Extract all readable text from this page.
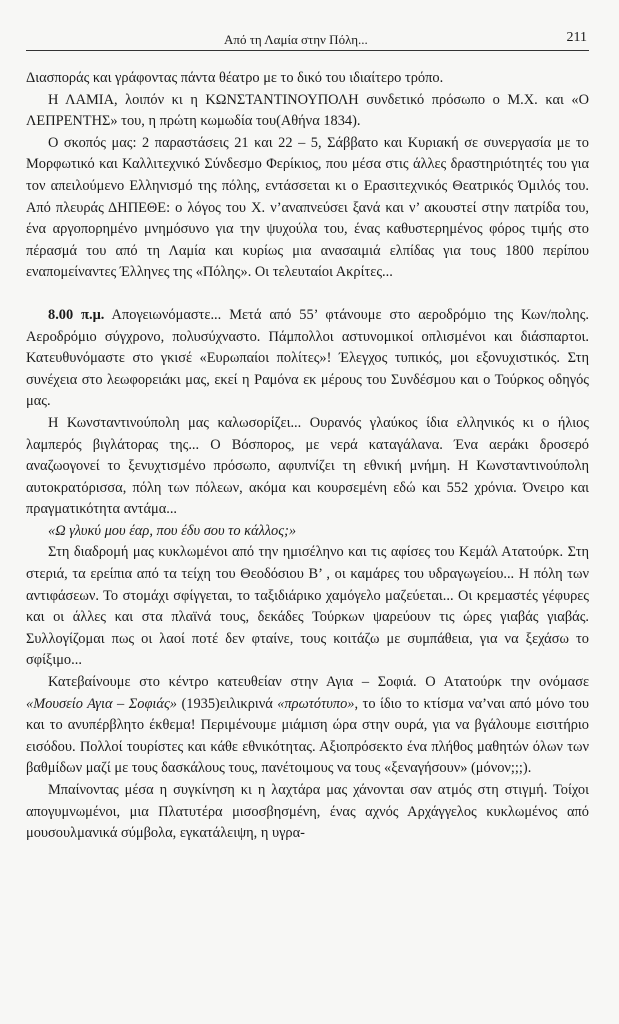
Από τη Λαμία στην Πόλη...	211

Διασποράς και γράφοντας πάντα θέατρο με το δικό του ιδιαίτερο τρόπο.

Η ΛΑΜΙΑ, λοιπόν κι η ΚΩΝΣΤΑΝΤΙΝΟΥΠΟΛΗ συνδετικό πρόσωπο ο Μ.Χ. και «Ο ΛΕΠΡΕΝΤΗΣ» του, η πρώτη κωμωδία του(Αθήνα 1834).

Ο σκοπός μας: 2 παραστάσεις 21 και 22 – 5, Σάββατο και Κυριακή σε συνεργασία με το Μορφωτικό και Καλλιτεχνικό Σύνδεσμο Φερίκιος, που μέσα στις άλλες δραστηριότητές του για τον απειλούμενο Ελληνισμό της πόλης, εντάσσεται κι ο Ερασιτεχνικός Θεατρικός Όμιλός του. Από πλευράς ΔΗΠΕΘΕ: ο λόγος του Χ. ν’αναπνεύσει ξανά και ν’ ακουστεί στην πατρίδα του, ένα αργοπορημένο μνημόσυνο για την ψυχούλα του, ένας καθυστερημένος φόρος τιμής στο πέρασμά του από τη Λαμία και κυρίως μια ανασαιμιά ελπίδας για τους 1800 περίπου εναπομείναντες Έλληνες της «Πόλης». Οι τελευταίοι Ακρίτες...

8.00 π.μ. Απογειωνόμαστε... Μετά από 55’ φτάνουμε στο αεροδρόμιο της Κων/πολης. Αεροδρόμιο σύγχρονο, πολυσύχναστο. Πάμπολλοι αστυνομικοί οπλισμένοι και διάσπαρτοι. Κατευθυνόμαστε στο γκισέ «Ευρωπαίοι πολίτες»! Έλεγχος τυπικός, μοι εξονυχιστικός. Στη συνέχεια στο λεωφορειάκι μας, εκεί η Ραμόνα εκ μέρους του Συνδέσμου και ο Τούρκος οδηγός μας.

Η Κωνσταντινούπολη μας καλωσορίζει... Ουρανός γλαύκος ίδια ελληνικός κι ο ήλιος λαμπερός βιγλάτορας της... Ο Βόσπορος, με νερά καταγάλανα. Ένα αεράκι δροσερό αναζωογονεί το ξενυχτισμένο πρόσωπο, αφυπνίζει τη εθνική μνήμη. Η Κωνσταντινούπολη αυτοκρατόρισσα, πόλη των πόλεων, ακόμα και κουρσεμένη εδώ και 552 χρόνια. Όνειρο και πραγματικότητα αντάμα...

«Ω γλυκύ μου έαρ, που έδυ σου το κάλλος;»

Στη διαδρομή μας κυκλωμένοι από την ημισέληνο και τις αφίσες του Κεμάλ Ατατούρκ. Στη στεριά, τα ερείπια από τα τείχη του Θεοδόσιου Β’ , οι καμάρες του υδραγωγείου... Η πόλη των αντιφάσεων. Το στομάχι σφίγγεται, το ταξιδιάρικο χαμόγελο μαζεύεται... Οι κρεμαστές γέφυρες και οι άλλες και στα πλαϊνά τους, δεκάδες Τούρκων ψαρεύουν τις ώρες γιαβάς γιαβάς. Συλλογίζομαι πως οι λαοί ποτέ δεν φταίνε, τους κοιτάζω με συμπάθεια, για να ξεχάσω το σφίξιμο...

Κατεβαίνουμε στο κέντρο κατευθείαν στην Αγια – Σοφιά. Ο Ατατούρκ την ονόμασε «Μουσείο Αγια – Σοφιάς» (1935)ειλικρινά «πρωτότυπο», το ίδιο το κτίσμα να’ναι από μόνο του και το ανυπέρβλητο έκθεμα! Περιμένουμε μιάμιση ώρα στην ουρά, για να βγάλουμε εισιτήριο εισόδου. Πολλοί τουρίστες και κάθε εθνικότητας. Αξιοπρόσεκτο ένα πλήθος μαθητών όλων των βαθμίδων μαζί με τους δασκάλους τους, πανέτοιμους να τους «ξεναγήσουν» (μόνον;;;).

Μπαίνοντας μέσα η συγκίνηση κι η λαχτάρα μας χάνονται σαν ατμός στη στιγμή. Τοίχοι απογυμνωμένοι, μια Πλατυτέρα μισοσβησμένη, ένας αχνός Αρχάγγελος κυκλωμένος από μουσουλμανικά σύμβολα, εγκατάλειψη, η υγρα-
